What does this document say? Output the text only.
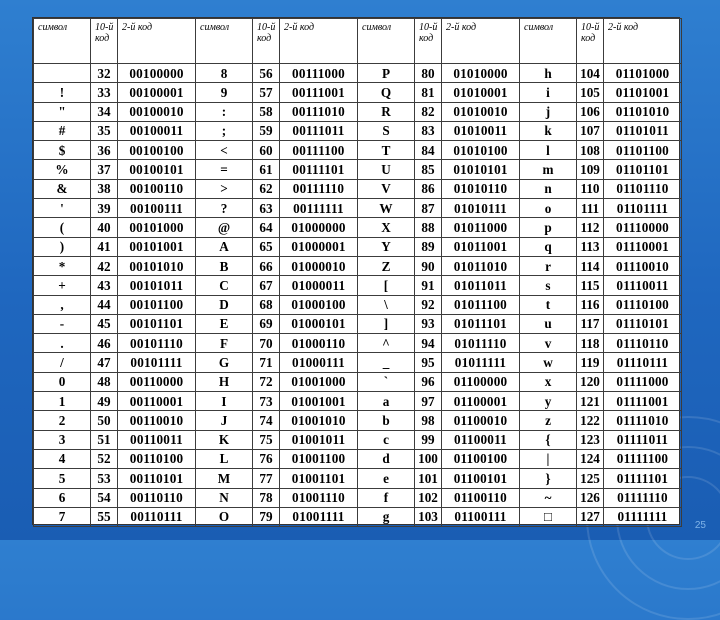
25
символ	10-й код	2-й код	символ	10-й код	2-й код	символ	10-й код	2-й код	символ	10-й код	2-й код
	32	00100000	8	56	00111000	P	80	01010000	h	104	01101000
!	33	00100001	9	57	00111001	Q	81	01010001	i	105	01101001
"	34	00100010	:	58	00111010	R	82	01010010	j	106	01101010
#	35	00100011	;	59	00111011	S	83	01010011	k	107	01101011
$	36	00100100	<	60	00111100	T	84	01010100	l	108	01101100
%	37	00100101	=	61	00111101	U	85	01010101	m	109	01101101
&	38	00100110	>	62	00111110	V	86	01010110	n	110	01101110
'	39	00100111	?	63	00111111	W	87	01010111	o	111	01101111
(	40	00101000	@	64	01000000	X	88	01011000	p	112	01110000
)	41	00101001	A	65	01000001	Y	89	01011001	q	113	01110001
*	42	00101010	B	66	01000010	Z	90	01011010	r	114	01110010
+	43	00101011	C	67	01000011	[	91	01011011	s	115	01110011
,	44	00101100	D	68	01000100	\	92	01011100	t	116	01110100
-	45	00101101	E	69	01000101	]	93	01011101	u	117	01110101
.	46	00101110	F	70	01000110	^	94	01011110	v	118	01110110
/	47	00101111	G	71	01000111	_	95	01011111	w	119	01110111
0	48	00110000	H	72	01001000	`	96	01100000	x	120	01111000
1	49	00110001	I	73	01001001	a	97	01100001	y	121	01111001
2	50	00110010	J	74	01001010	b	98	01100010	z	122	01111010
3	51	00110011	K	75	01001011	c	99	01100011	{	123	01111011
4	52	00110100	L	76	01001100	d	100	01100100	|	124	01111100
5	53	00110101	M	77	01001101	e	101	01100101	}	125	01111101
6	54	00110110	N	78	01001110	f	102	01100110	~	126	01111110
7	55	00110111	O	79	01001111	g	103	01100111	□	127	01111111
